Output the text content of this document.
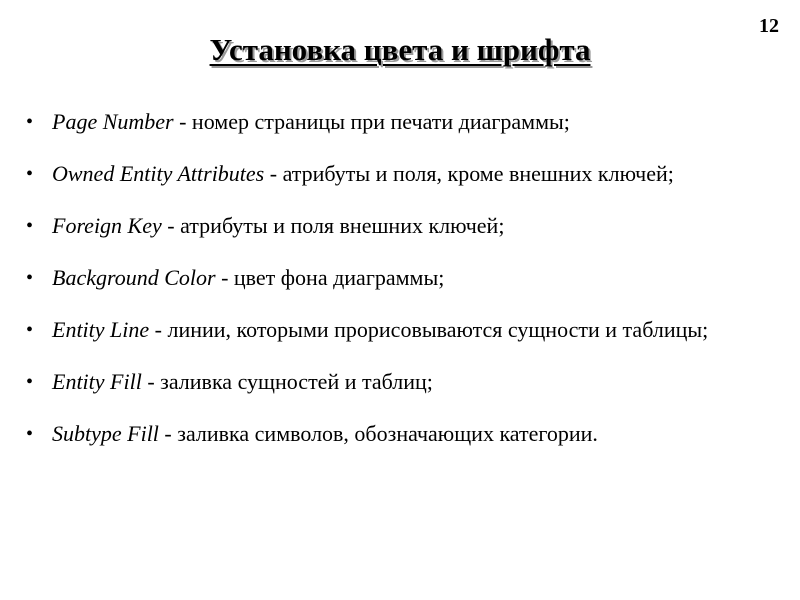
12
Установка цвета и шрифта
• Page Number - номер страницы при печати диаграммы;
• Owned Entity Attributes - атрибуты и поля, кроме внешних ключей;
• Foreign Key - атрибуты и поля внешних ключей;
• Background Color - цвет фона диаграммы;
• Entity Line - линии, которыми прорисовываются сущности и таблицы;
• Entity Fill - заливка сущностей и таблиц;
• Subtype Fill - заливка символов, обозначающих категории.
